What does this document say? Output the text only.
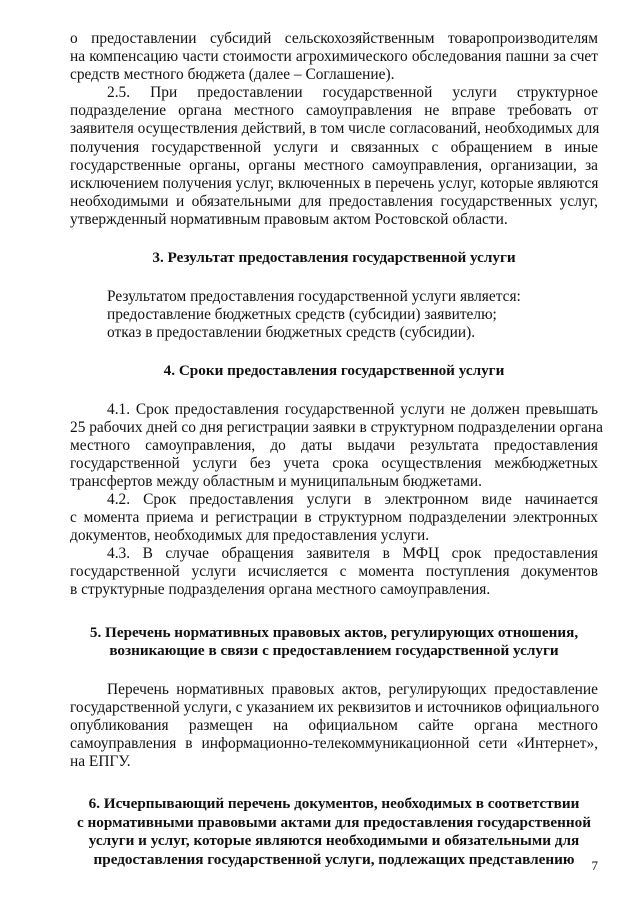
о предоставлении субсидий сельскохозяйственным товаропроизводителям
на компенсацию части стоимости агрохимического обследования пашни за счет
средств местного бюджета (далее – Соглашение).
2.5. При предоставлении государственной услуги структурное
подразделение органа местного самоуправления не вправе требовать от
заявителя осуществления действий, в том числе согласований, необходимых для
получения государственной услуги и связанных с обращением в иные
государственные органы, органы местного самоуправления, организации, за
исключением получения услуг, включенных в перечень услуг, которые являются
необходимыми и обязательными для предоставления государственных услуг,
утвержденный нормативным правовым актом Ростовской области.
3. Результат предоставления государственной услуги

Результатом предоставления государственной услуги является:

предоставление бюджетных средств (субсидии) заявителю;

отказ в предоставлении бюджетных средств (субсидии).

4. Сроки предоставления государственной услуги
4.1. Срок предоставления государственной услуги не должен превышать
25 рабочих дней со дня регистрации заявки в структурном подразделении органа
местного самоуправления, до даты выдачи результата предоставления
государственной услуги без учета срока осуществления межбюджетных
трансфертов между областным и муниципальным бюджетами.
4.2. Срок предоставления услуги в электронном виде начинается
с момента приема и регистрации в структурном подразделении электронных
документов, необходимых для предоставления услуги.
4.3. В случае обращения заявителя в МФЦ срок предоставления
государственной услуги исчисляется с момента поступления документов
в структурные подразделения органа местного самоуправления.
5. Перечень нормативных правовых актов, регулирующих отношения,
возникающие в связи с предоставлением государственной услуги
Перечень нормативных правовых актов, регулирующих предоставление
государственной услуги, с указанием их реквизитов и источников официального
опубликования размещен на официальном сайте органа местного
самоуправления в информационно-телекоммуникационной сети «Интернет»,
на ЕПГУ.
6. Исчерпывающий перечень документов, необходимых в соответствии
с нормативными правовыми актами для предоставления государственной
услуги и услуг, которые являются необходимыми и обязательными для
предоставления государственной услуги, подлежащих представлению	7
